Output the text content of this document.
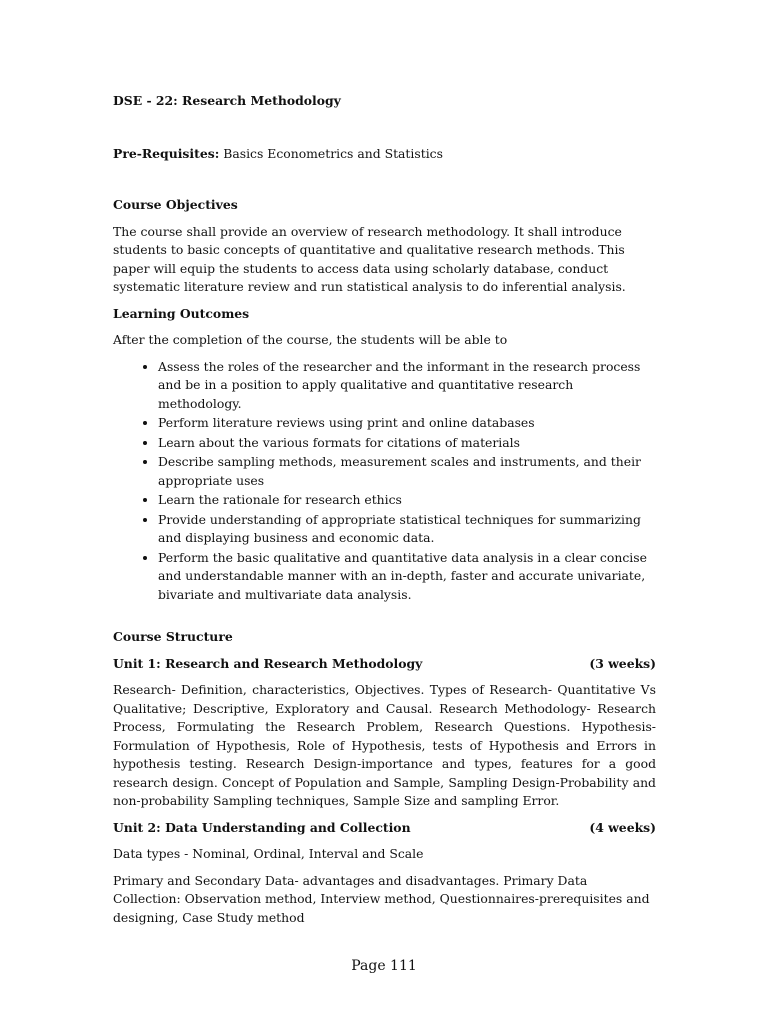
DSE - 22: Research Methodology

Pre-Requisites: Basics Econometrics and Statistics

Course Objectives

The course shall provide an overview of research methodology. It shall introduce students to basic concepts of quantitative and qualitative research methods. This paper will equip the students to access data using scholarly database, conduct systematic literature review and run statistical analysis to do inferential analysis.

Learning Outcomes

After the completion of the course, the students will be able to

• Assess the roles of the researcher and the informant in the research process and be in a position to apply qualitative and quantitative research methodology.
• Perform literature reviews using print and online databases
• Learn about the various formats for citations of materials
• Describe sampling methods, measurement scales and instruments, and their appropriate uses
• Learn the rationale for research ethics
• Provide understanding of appropriate statistical techniques for summarizing and displaying business and economic data.
• Perform the basic qualitative and quantitative data analysis in a clear concise and understandable manner with an in-depth, faster and accurate univariate, bivariate and multivariate data analysis.

Course Structure

Unit 1: Research and Research Methodology	(3 weeks)

Research- Definition, characteristics, Objectives. Types of Research- Quantitative Vs Qualitative; Descriptive, Exploratory and Causal. Research Methodology- Research Process, Formulating the Research Problem, Research Questions. Hypothesis-Formulation of Hypothesis, Role of Hypothesis, tests of Hypothesis and Errors in hypothesis testing. Research Design-importance and types, features for a good research design. Concept of Population and Sample, Sampling Design-Probability and non-probability Sampling techniques, Sample Size and sampling Error.

Unit 2: Data Understanding and Collection	(4 weeks)

Data types - Nominal, Ordinal, Interval and Scale

Primary and Secondary Data- advantages and disadvantages. Primary Data Collection: Observation method, Interview method, Questionnaires-prerequisites and designing, Case Study method

Page 111
